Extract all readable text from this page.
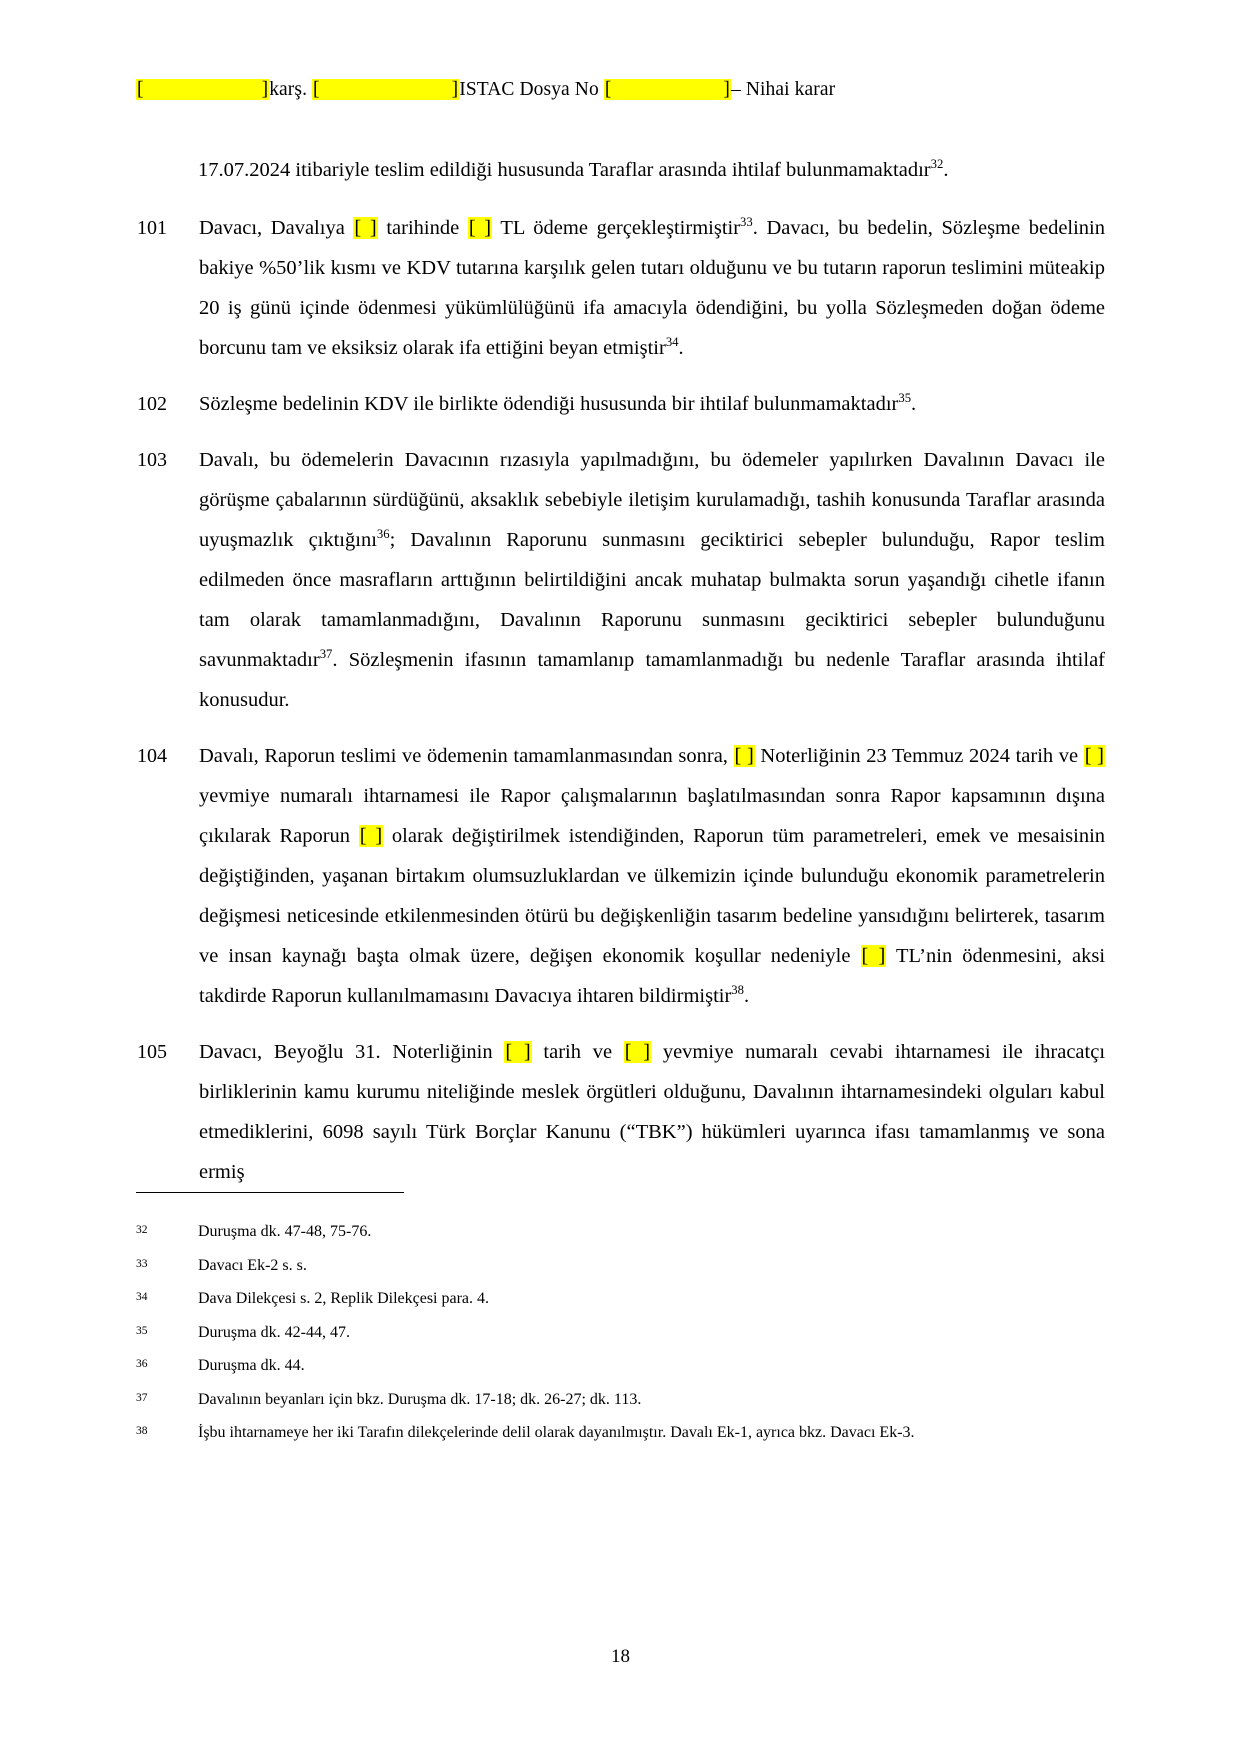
[	]karş. [	]ISTAC Dosya No [	]– Nihai karar
17.07.2024 itibariyle teslim edildiği hususunda Taraflar arasında ihtilaf bulunmamaktadır$^{32}$.
101	Davacı, Davalıya [ ] tarihinde [ ] TL ödeme gerçekleştirmiştir$^{33}$. Davacı, bu bedelin, Sözleşme bedelinin bakiye %50’lik kısmı ve KDV tutarına karşılık gelen tutarı olduğunu ve bu tutarın raporun teslimini müteakip 20 iş günü içinde ödenmesi yükümlülüğünü ifa amacıyla ödendiğini, bu yolla Sözleşmeden doğan ödeme borcunu tam ve eksiksiz olarak ifa ettiğini beyan etmiştir$^{34}$.
102	Sözleşme bedelinin KDV ile birlikte ödendiği hususunda bir ihtilaf bulunmamaktadır$^{35}$.
103	Davalı, bu ödemelerin Davacının rızasıyla yapılmadığını, bu ödemeler yapılırken Davalının Davacı ile görüşme çabalarının sürdüğünü, aksaklık sebebiyle iletişim kurulamadığı, tashih konusunda Taraflar arasında uyuşmazlık çıktığını$^{36}$; Davalının Raporunu sunmasını geciktirici sebepler bulunduğu, Rapor teslim edilmeden önce masrafların arttığının belirtildiğini ancak muhatap bulmakta sorun yaşandığı cihetle ifanın tam olarak tamamlanmadığını, Davalının Raporunu sunmasını geciktirici sebepler bulunduğunu savunmaktadır$^{37}$. Sözleşmenin ifasının tamamlanıp tamamlanmadığı bu nedenle Taraflar arasında ihtilaf konusudur.
104	Davalı, Raporun teslimi ve ödemenin tamamlanmasından sonra, [ ] Noterliğinin 23 Temmuz 2024 tarih ve [ ] yevmiye numaralı ihtarnamesi ile Rapor çalışmalarının başlatılmasından sonra Rapor kapsamının dışına çıkılarak Raporun [ ] olarak değiştirilmek istendiğinden, Raporun tüm parametreleri, emek ve mesaisinin değiştiğinden, yaşanan birtakım olumsuzluklardan ve ülkemizin içinde bulunduğu ekonomik parametrelerin değişmesi neticesinde etkilenmesinden ötürü bu değişkenliğin tasarım bedeline yansıdığını belirterek, tasarım ve insan kaynağı başta olmak üzere, değişen ekonomik koşullar nedeniyle [ ] TL’nin ödenmesini, aksi takdirde Raporun kullanılmamasını Davacıya ihtaren bildirmiştir$^{38}$.
105	Davacı, Beyoğlu 31. Noterliğinin [ ] tarih ve [ ] yevmiye numaralı cevabi ihtarnamesi ile ihracatçı birliklerinin kamu kurumu niteliğinde meslek örgütleri olduğunu, Davalının ihtarnamesindeki olguları kabul etmediklerini, 6098 sayılı Türk Borçlar Kanunu (“TBK”) hükümleri uyarınca ifası tamamlanmış ve sona ermiş
32	Duruşma dk. 47-48, 75-76.
33	Davacı Ek-2 s. s.
34	Dava Dilekçesi s. 2, Replik Dilekçesi para. 4.
35	Duruşma dk. 42-44, 47.
36	Duruşma dk. 44.
37	Davalının beyanları için bkz. Duruşma dk. 17-18; dk. 26-27; dk. 113.
38	İşbu ihtarnameye her iki Tarafın dilekçelerinde delil olarak dayanılmıştır. Davalı Ek-1, ayrıca bkz. Davacı Ek-3.
18
